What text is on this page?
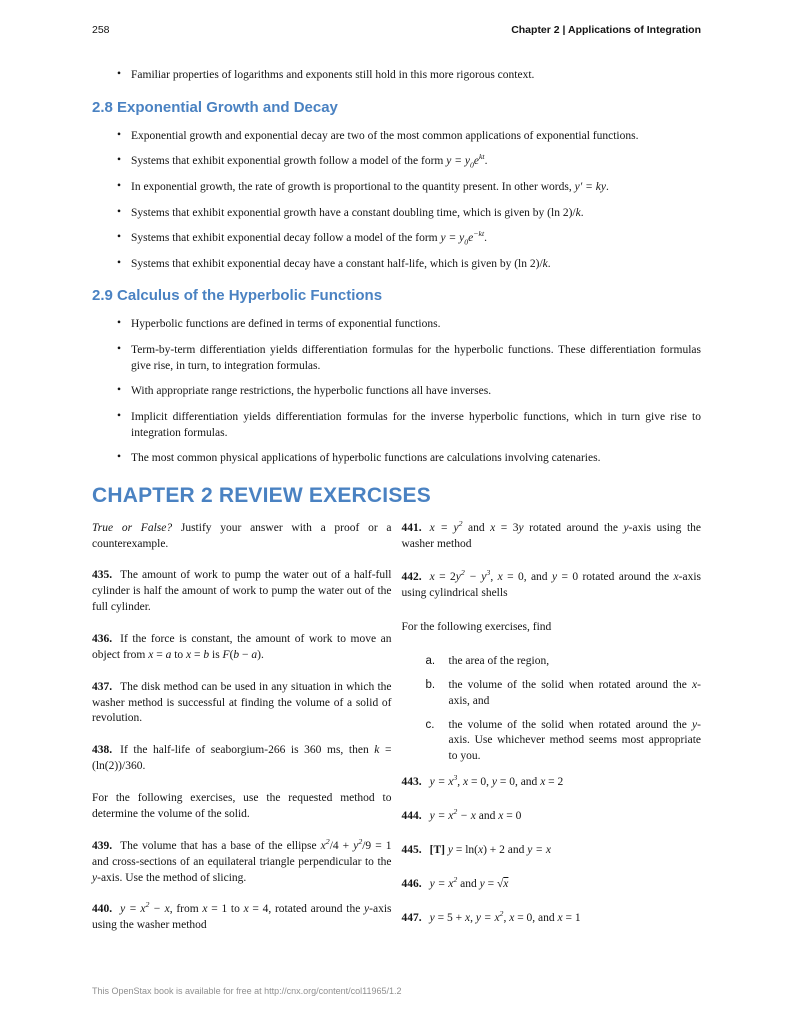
258	Chapter 2 | Applications of Integration
• Familiar properties of logarithms and exponents still hold in this more rigorous context.
2.8 Exponential Growth and Decay
• Exponential growth and exponential decay are two of the most common applications of exponential functions.
• Systems that exhibit exponential growth follow a model of the form $y = y_0e^{kt}$.
• In exponential growth, the rate of growth is proportional to the quantity present. In other words, y′ = ky.
• Systems that exhibit exponential growth have a constant doubling time, which is given by (ln 2)/k.
• Systems that exhibit exponential decay follow a model of the form $y = y_0e^{-kt}$.
• Systems that exhibit exponential decay have a constant half-life, which is given by (ln 2)/k.
2.9 Calculus of the Hyperbolic Functions
• Hyperbolic functions are defined in terms of exponential functions.
• Term-by-term differentiation yields differentiation formulas for the hyperbolic functions. These differentiation formulas give rise, in turn, to integration formulas.
• With appropriate range restrictions, the hyperbolic functions all have inverses.
• Implicit differentiation yields differentiation formulas for the inverse hyperbolic functions, which in turn give rise to integration formulas.
• The most common physical applications of hyperbolic functions are calculations involving catenaries.
CHAPTER 2 REVIEW EXERCISES

True or False? Justify your answer with a proof or a counterexample.

435. The amount of work to pump the water out of a half-full cylinder is half the amount of work to pump the water out of the full cylinder.

436. If the force is constant, the amount of work to move an object from x = a to x = b is F(b − a).

437. The disk method can be used in any situation in which the washer method is successful at finding the volume of a solid of revolution.

438. If the half-life of seaborgium-266 is 360 ms, then k = (ln(2))/360.

For the following exercises, use the requested method to determine the volume of the solid.

439. The volume that has a base of the ellipse $x^2/4 + y^2/9 = 1$ and cross-sections of an equilateral triangle perpendicular to the y-axis. Use the method of slicing.

440. $y = x^2 - x$, from x = 1 to x = 4, rotated around the y-axis using the washer method

441. $x = y^2$ and x = 3y rotated around the y-axis using the washer method

442. $x = 2y^2 - y^3$, x = 0, and y = 0 rotated around the x-axis using cylindrical shells

For the following exercises, find

a.	the area of the region,
b.	the volume of the solid when rotated around the x-axis, and
c.	the volume of the solid when rotated around the y-axis. Use whichever method seems most appropriate to you.

443. $y = x^3$, x = 0, y = 0, and x = 2

444. $y = x^2 - x$ and x = 0

445. [T] y = ln(x) + 2 and y = x

446. $y = x^2$ and y = √x

447. y = 5 + x, $y = x^2$, x = 0, and x = 1

This OpenStax book is available for free at http://cnx.org/content/col11965/1.2
